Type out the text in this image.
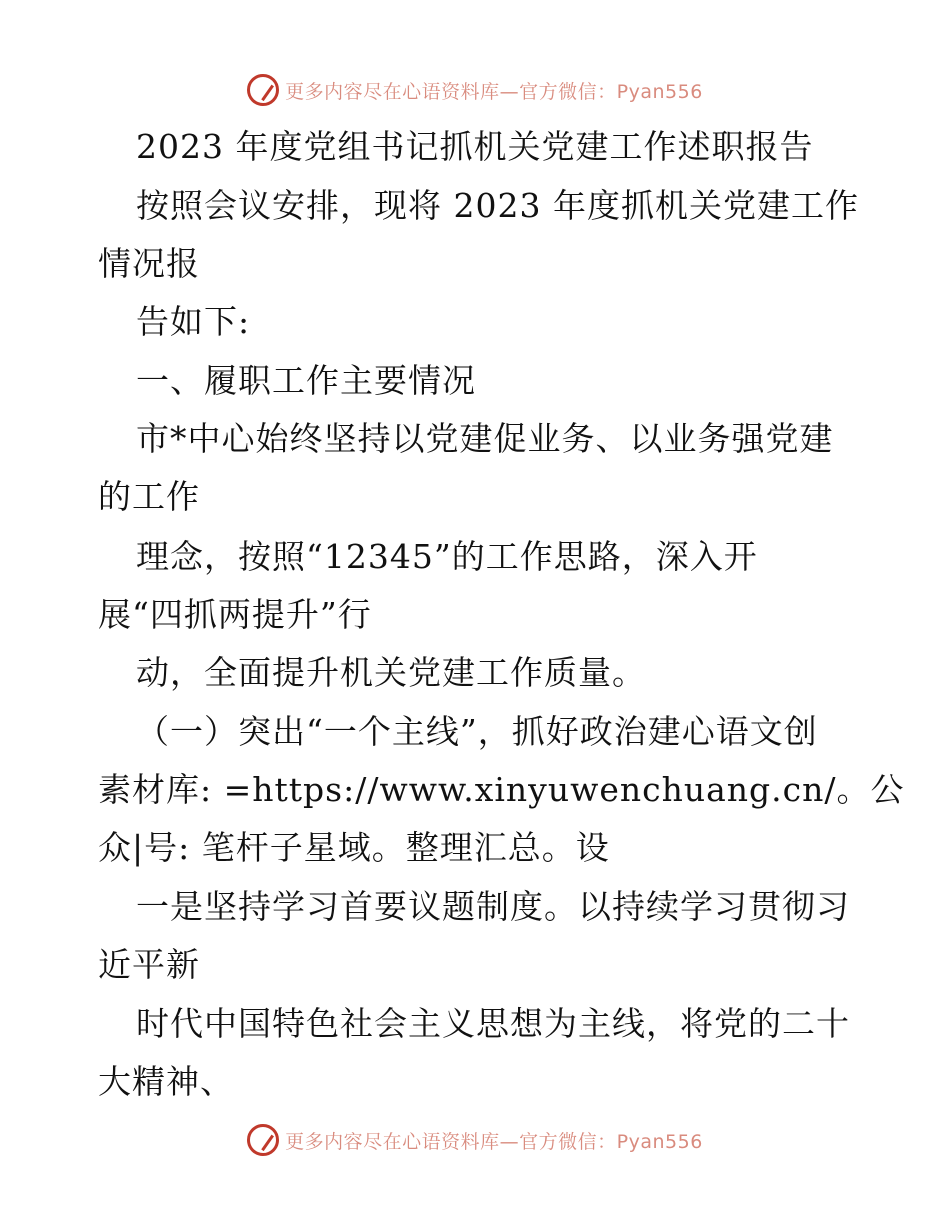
更多内容尽在心语资料库—官方微信：Pyan556
2023 年度党组书记抓机关党建工作述职报告
按照会议安排，现将 2023 年度抓机关党建工作
情况报
告如下:
一、履职工作主要情况
市*中心始终坚持以党建促业务、以业务强党建
的工作
理念，按照“12345”的工作思路，深入开
展“四抓两提升”行
动，全面提升机关党建工作质量。
（一）突出“一个主线”，抓好政治建心语文创
素材库: =https://www.xinyuwenchuang.cn/。公
众|号: 笔杆子星域。整理汇总。设
一是坚持学习首要议题制度。以持续学习贯彻习
近平新
时代中国特色社会主义思想为主线，将党的二十
大精神、
更多内容尽在心语资料库—官方微信：Pyan556
